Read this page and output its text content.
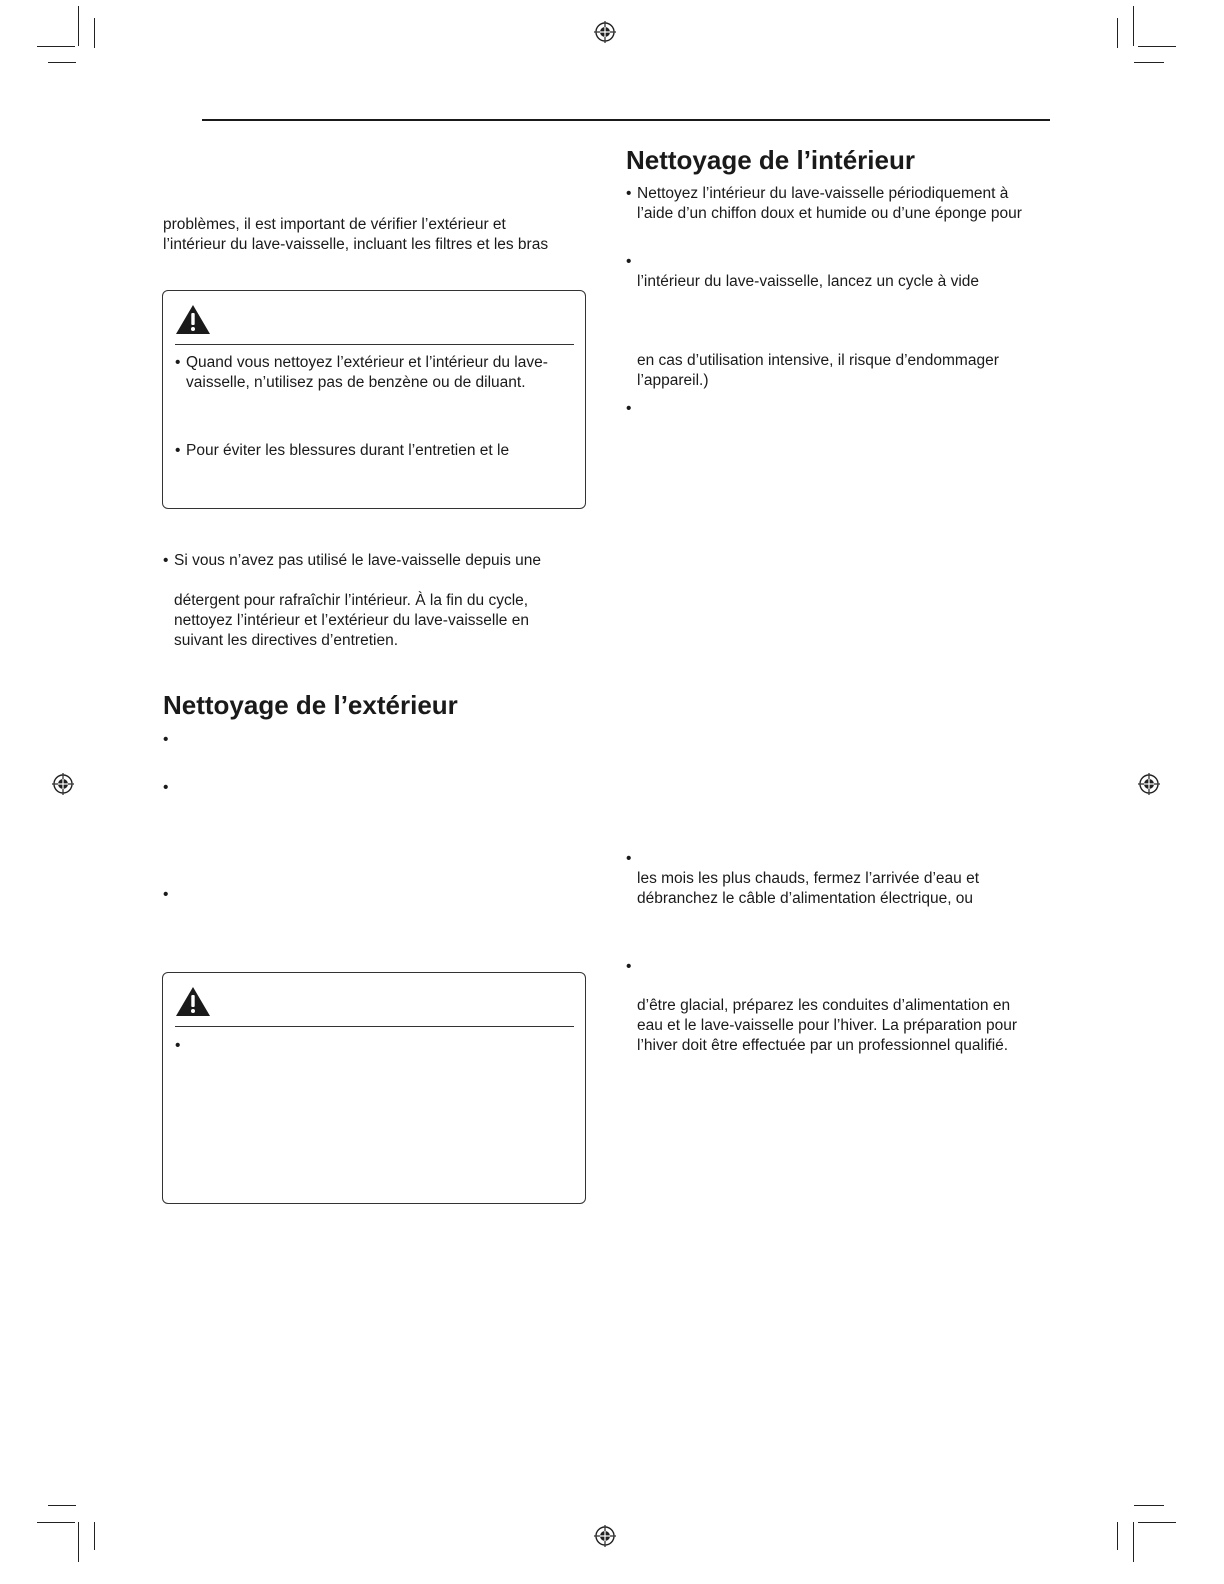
problèmes, il est important de vérifier l’extérieur et
l’intérieur du lave-vaisselle, incluant les filtres et les bras
• Quand vous nettoyez l’extérieur et l’intérieur du lave-
vaisselle, n’utilisez pas de benzène ou de diluant.
• Pour éviter les blessures durant l’entretien et le
• Si vous n’avez pas utilisé le lave-vaisselle depuis une
détergent pour rafraîchir l’intérieur. À la fin du cycle,
nettoyez l’intérieur et l’extérieur du lave-vaisselle en
suivant les directives d’entretien.
Nettoyage de l’extérieur
•
•
•
•
Nettoyage de l’intérieur
• Nettoyez l’intérieur du lave-vaisselle périodiquement à
l’aide d’un chiffon doux et humide ou d’une éponge pour
•
l’intérieur du lave-vaisselle, lancez un cycle à vide
en cas d’utilisation intensive, il risque d’endommager
l’appareil.)
•
•
les mois les plus chauds, fermez l’arrivée d’eau et
débranchez le câble d’alimentation électrique, ou
•
d’être glacial, préparez les conduites d’alimentation en
eau et le lave-vaisselle pour l’hiver. La préparation pour
l’hiver doit être effectuée par un professionnel qualifié.
